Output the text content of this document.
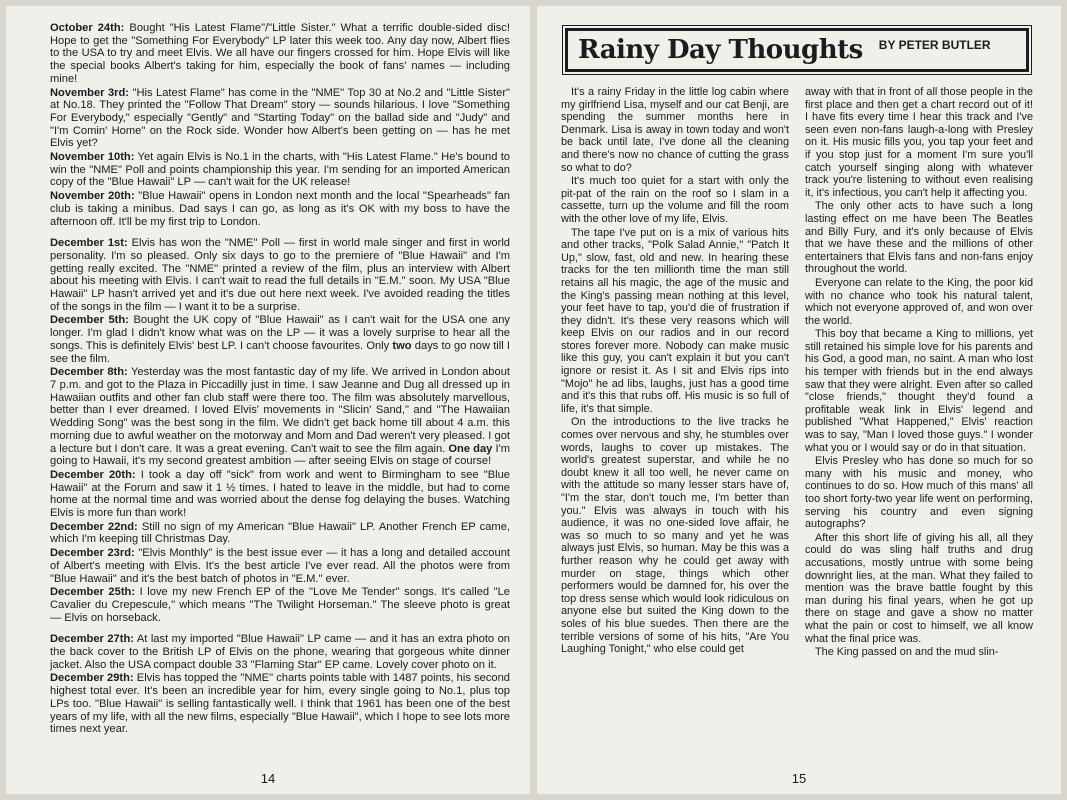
October 24th: Bought "His Latest Flame"/"Little Sister." What a terrific double-sided disc! Hope to get the "Something For Everybody" LP later this week too. Any day now, Albert flies to the USA to try and meet Elvis. We all have our fingers crossed for him. Hope Elvis will like the special books Albert's taking for him, especially the book of fans' names — including mine!

November 3rd: "His Latest Flame" has come in the "NME" Top 30 at No.2 and "Little Sister" at No.18. They printed the "Follow That Dream" story — sounds hilarious. I love "Something For Everybody," especially "Gently" and "Starting Today" on the ballad side and "Judy" and "I'm Comin' Home" on the Rock side. Wonder how Albert's been getting on — has he met Elvis yet?

November 10th: Yet again Elvis is No.1 in the charts, with "His Latest Flame." He's bound to win the "NME" Poll and points championship this year. I'm sending for an imported American copy of the "Blue Hawaii" LP — can't wait for the UK release!

November 20th: "Blue Hawaii" opens in London next month and the local "Spearheads" fan club is taking a minibus. Dad says I can go, as long as it's OK with my boss to have the afternoon off. It'll be my first trip to London.

December 1st: Elvis has won the "NME" Poll — first in world male singer and first in world personality. I'm so pleased. Only six days to go to the premiere of "Blue Hawaii" and I'm getting really excited. The "NME" printed a review of the film, plus an interview with Albert about his meeting with Elvis. I can't wait to read the full details in "E.M." soon. My USA "Blue Hawaii" LP hasn't arrived yet and it's due out here next week. I've avoided reading the titles of the songs in the film — I want it to be a surprise.

December 5th: Bought the UK copy of "Blue Hawaii" as I can't wait for the USA one any longer. I'm glad I didn't know what was on the LP — it was a lovely surprise to hear all the songs. This is definitely Elvis' best LP. I can't choose favourites. Only two days to go now till I see the film.

December 8th: Yesterday was the most fantastic day of my life. We arrived in London about 7 p.m. and got to the Plaza in Piccadilly just in time. I saw Jeanne and Dug all dressed up in Hawaiian outfits and other fan club staff were there too. The film was absolutely marvellous, better than I ever dreamed. I loved Elvis' movements in "Slicin' Sand," and "The Hawaiian Wedding Song" was the best song in the film. We didn't get back home till about 4 a.m. this morning due to awful weather on the motorway and Mom and Dad weren't very pleased. I got a lecture but I don't care. It was a great evening. Can't wait to see the film again. One day I'm going to Hawaii, it's my second greatest ambition — after seeing Elvis on stage of course!

December 20th: I took a day off "sick" from work and went to Birmingham to see "Blue Hawaii" at the Forum and saw it 1 ½ times. I hated to leave in the middle, but had to come home at the normal time and was worried about the dense fog delaying the buses. Watching Elvis is more fun than work!

December 22nd: Still no sign of my American "Blue Hawaii" LP. Another French EP came, which I'm keeping till Christmas Day.

December 23rd: "Elvis Monthly" is the best issue ever — it has a long and detailed account of Albert's meeting with Elvis. It's the best article I've ever read. All the photos were from "Blue Hawaii" and it's the best batch of photos in "E.M." ever.

December 25th: I love my new French EP of the "Love Me Tender" songs. It's called "Le Cavalier du Crepescule," which means "The Twilight Horseman." The sleeve photo is great — Elvis on horseback.

December 27th: At last my imported "Blue Hawaii" LP came — and it has an extra photo on the back cover to the British LP of Elvis on the phone, wearing that gorgeous white dinner jacket. Also the USA compact double 33 "Flaming Star" EP came. Lovely cover photo on it.

December 29th: Elvis has topped the "NME" charts points table with 1487 points, his second highest total ever. It's been an incredible year for him, every single going to No.1, plus top LPs too. "Blue Hawaii" is selling fantastically well. I think that 1961 has been one of the best years of my life, with all the new films, especially "Blue Hawaii", which I hope to see lots more times next year.

14
Rainy Day Thoughts BY PETER BUTLER

It's a rainy Friday in the little log cabin where my girlfriend Lisa, myself and our cat Benji, are spending the summer months here in Denmark. Lisa is away in town today and won't be back until late, I've done all the cleaning and there's now no chance of cutting the grass so what to do?

It's much too quiet for a start with only the pit-pat of the rain on the roof so I slam in a cassette, turn up the volume and fill the room with the other love of my life, Elvis.

The tape I've put on is a mix of various hits and other tracks, "Polk Salad Annie," "Patch It Up," slow, fast, old and new. In hearing these tracks for the ten millionth time the man still retains all his magic, the age of the music and the King's passing mean nothing at this level, your feet have to tap, you'd die of frustration if they didn't. It's these very reasons which will keep Elvis on our radios and in our record stores forever more. Nobody can make music like this guy, you can't explain it but you can't ignore or resist it. As I sit and Elvis rips into "Mojo" he ad libs, laughs, just has a good time and it's this that rubs off. His music is so full of life, it's that simple.

On the introductions to the live tracks he comes over nervous and shy, he stumbles over words, laughs to cover up mistakes. The world's greatest superstar, and while he no doubt knew it all too well, he never came on with the attitude so many lesser stars have of, "I'm the star, don't touch me, I'm better than you." Elvis was always in touch with his audience, it was no one-sided love affair, he was so much to so many and yet he was always just Elvis, so human. May be this was a further reason why he could get away with murder on stage, things which other performers would be damned for, his over the top dress sense which would look ridiculous on anyone else but suited the King down to the soles of his blue suedes. Then there are the terrible versions of some of his hits, "Are You Laughing Tonight," who else could get

away with that in front of all those people in the first place and then get a chart record out of it! I have fits every time I hear this track and I've seen even non-fans laugh-a-long with Presley on it. His music fills you, you tap your feet and if you stop just for a moment I'm sure you'll catch yourself singing along with whatever track you're listening to without even realising it, it's infectious, you can't help it affecting you.

The only other acts to have such a long lasting effect on me have been The Beatles and Billy Fury, and it's only because of Elvis that we have these and the millions of other entertainers that Elvis fans and non-fans enjoy throughout the world.

Everyone can relate to the King, the poor kid with no chance who took his natural talent, which not everyone approved of, and won over the world.

This boy that became a King to millions, yet still retained his simple love for his parents and his God, a good man, no saint. A man who lost his temper with friends but in the end always saw that they were alright. Even after so called "close friends," thought they'd found a profitable weak link in Elvis' legend and published "What Happened," Elvis' reaction was to say, "Man I loved those guys." I wonder what you or I would say or do in that situation.

Elvis Presley who has done so much for so many with his music and money, who continues to do so. How much of this mans' all too short forty-two year life went on performing, serving his country and even signing autographs?

After this short life of giving his all, all they could do was sling half truths and drug accusations, mostly untrue with some being downright lies, at the man. What they failed to mention was the brave battle fought by this man during his final years, when he got up there on stage and gave a show no matter what the pain or cost to himself, we all know what the final price was.

The King passed on and the mud slin-

15
